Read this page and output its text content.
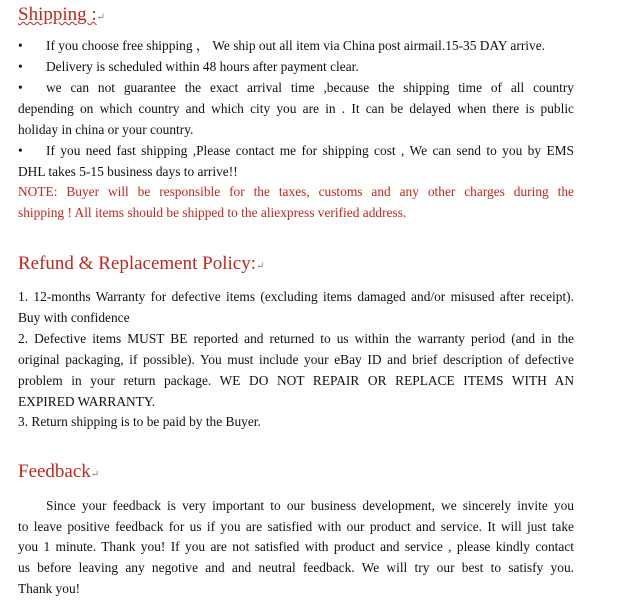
Shipping :↵
• If you choose free shipping ， We ship out all item via China post airmail.15-35 DAY arrive.
• Delivery is scheduled within 48 hours after payment clear.
• we can not guarantee the exact arrival time ,because the shipping time of all country
depending on which country and which city you are in . It can be delayed when there is public
holiday in china or your country.
• If you need fast shipping ,Please contact me for shipping cost , We can send to you by EMS
DHL takes 5-15 business days to arrive!!
NOTE: Buyer will be responsible for the taxes, customs and any other charges during the
shipping ! All items should be shipped to the aliexpress verified address.
Refund & Replacement Policy:↵
1. 12-months Warranty for defective items (excluding items damaged and/or misused after receipt).
Buy with confidence
2. Defective items MUST BE reported and returned to us within the warranty period (and in the
original packaging, if possible). You must include your eBay ID and brief description of defective
problem in your return package. WE DO NOT REPAIR OR REPLACE ITEMS WITH AN
EXPIRED WARRANTY.
3. Return shipping is to be paid by the Buyer.
Feedback↵
Since your feedback is very important to our business development, we sincerely invite you
to leave positive feedback for us if you are satisfied with our product and service. It will just take
you 1 minute. Thank you! If you are not satisfied with product and service , please kindly contact
us before leaving any negotive and and neutral feedback. We will try our best to satisfy you.
Thank you!
